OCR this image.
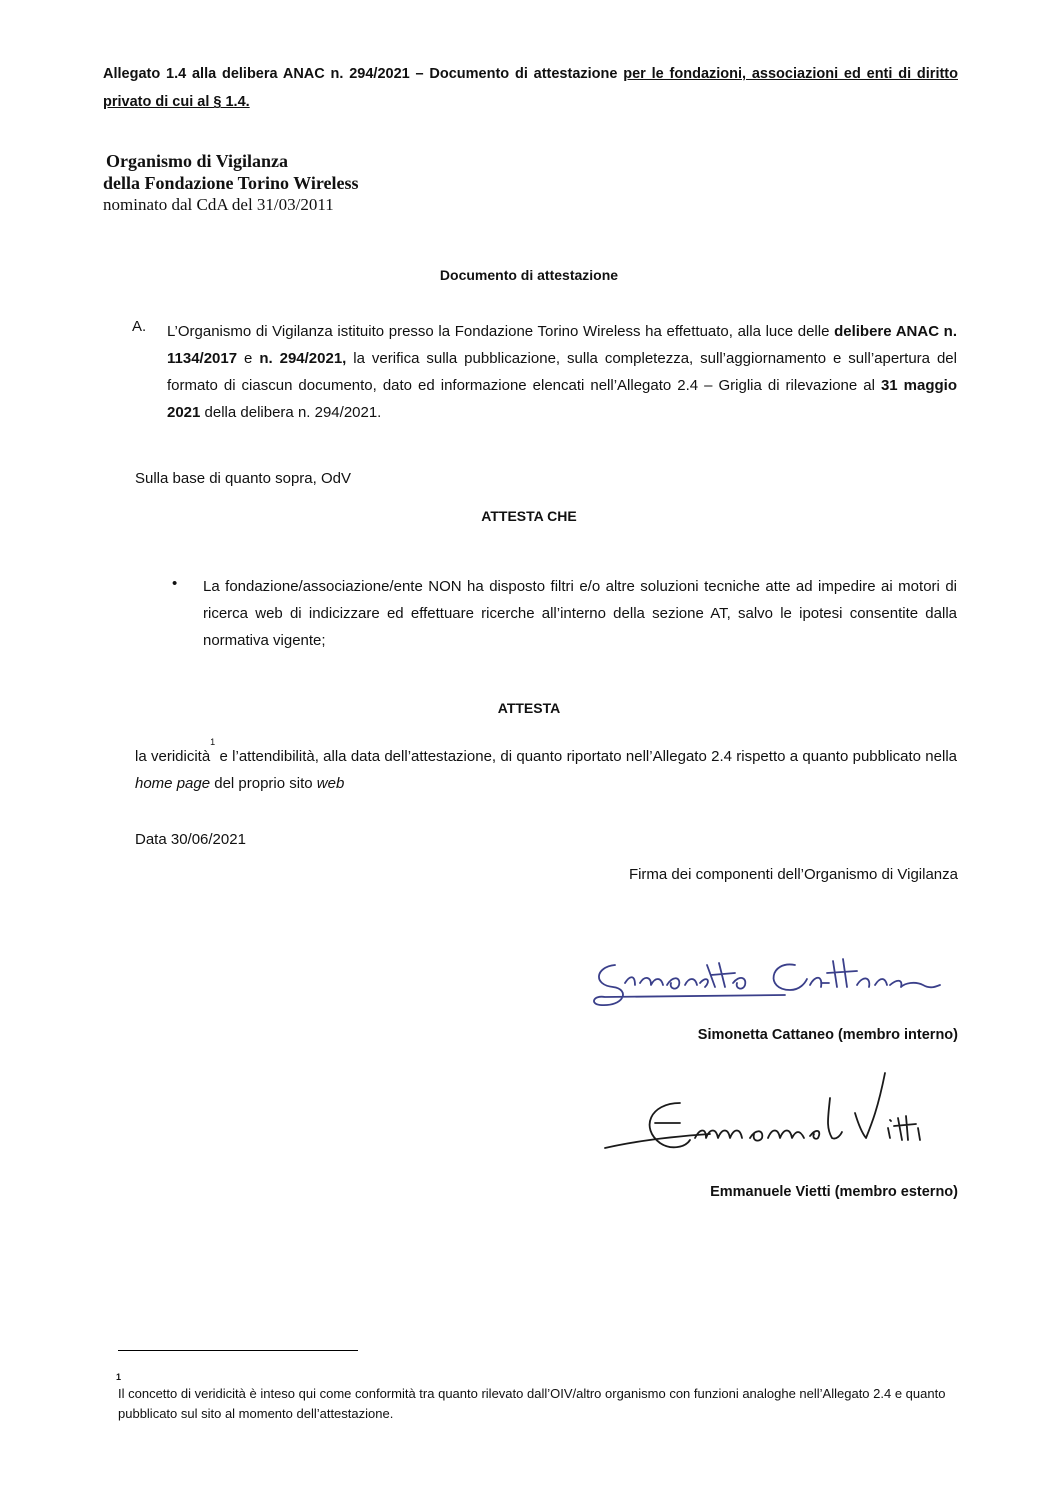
Allegato 1.4 alla delibera ANAC n. 294/2021 – Documento di attestazione per le fondazioni, associazioni ed enti di diritto privato di cui al § 1.4.
Organismo di Vigilanza
della Fondazione Torino Wireless
nominato dal CdA del 31/03/2011
Documento di attestazione
A. L’Organismo di Vigilanza istituito presso la Fondazione Torino Wireless ha effettuato, alla luce delle delibere ANAC n. 1134/2017 e n. 294/2021, la verifica sulla pubblicazione, sulla completezza, sull’aggiornamento e sull’apertura del formato di ciascun documento, dato ed informazione elencati nell’Allegato 2.4 – Griglia di rilevazione al 31 maggio 2021 della delibera n. 294/2021.
Sulla base di quanto sopra, OdV
ATTESTA CHE
• La fondazione/associazione/ente NON ha disposto filtri e/o altre soluzioni tecniche atte ad impedire ai motori di ricerca web di indicizzare ed effettuare ricerche all’interno della sezione AT, salvo le ipotesi consentite dalla normativa vigente;
ATTESTA
la veridicità$^1$ e l’attendibilità, alla data dell’attestazione, di quanto riportato nell’Allegato 2.4 rispetto a quanto pubblicato nella home page del proprio sito web
Data 30/06/2021
Firma dei componenti dell’Organismo di Vigilanza
Simonetta Cattaneo (membro interno)
Emmanuele Vietti (membro esterno)
1
Il concetto di veridicità è inteso qui come conformità tra quanto rilevato dall’OIV/altro organismo con funzioni analoghe nell’Allegato 2.4 e quanto pubblicato sul sito al momento dell’attestazione.
